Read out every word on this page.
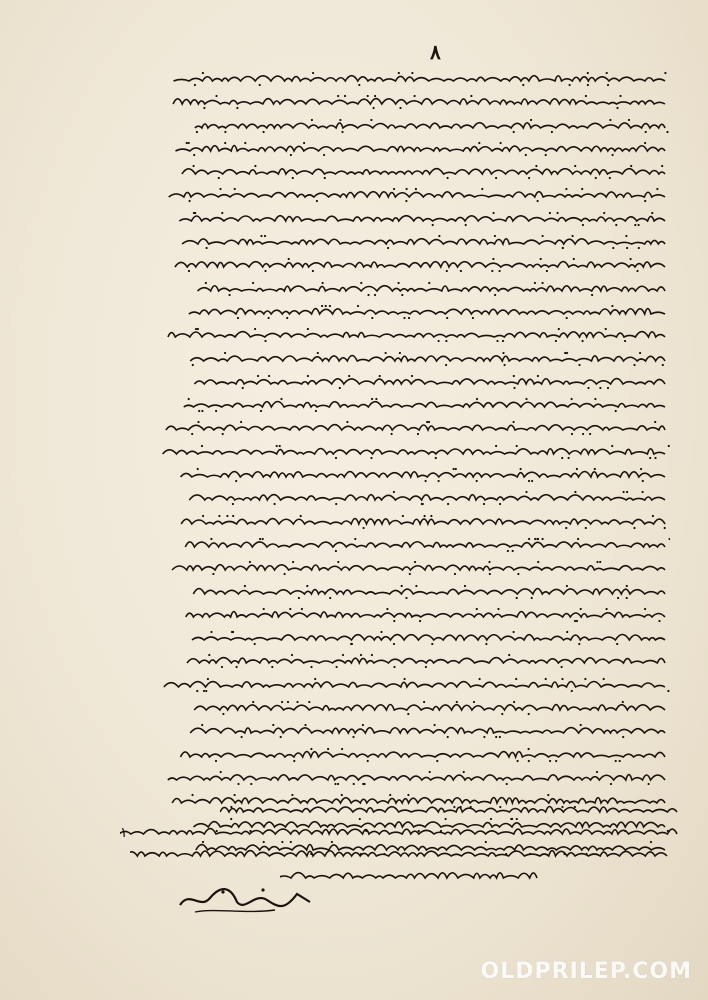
٨
١
OLDPRILEP.COM
